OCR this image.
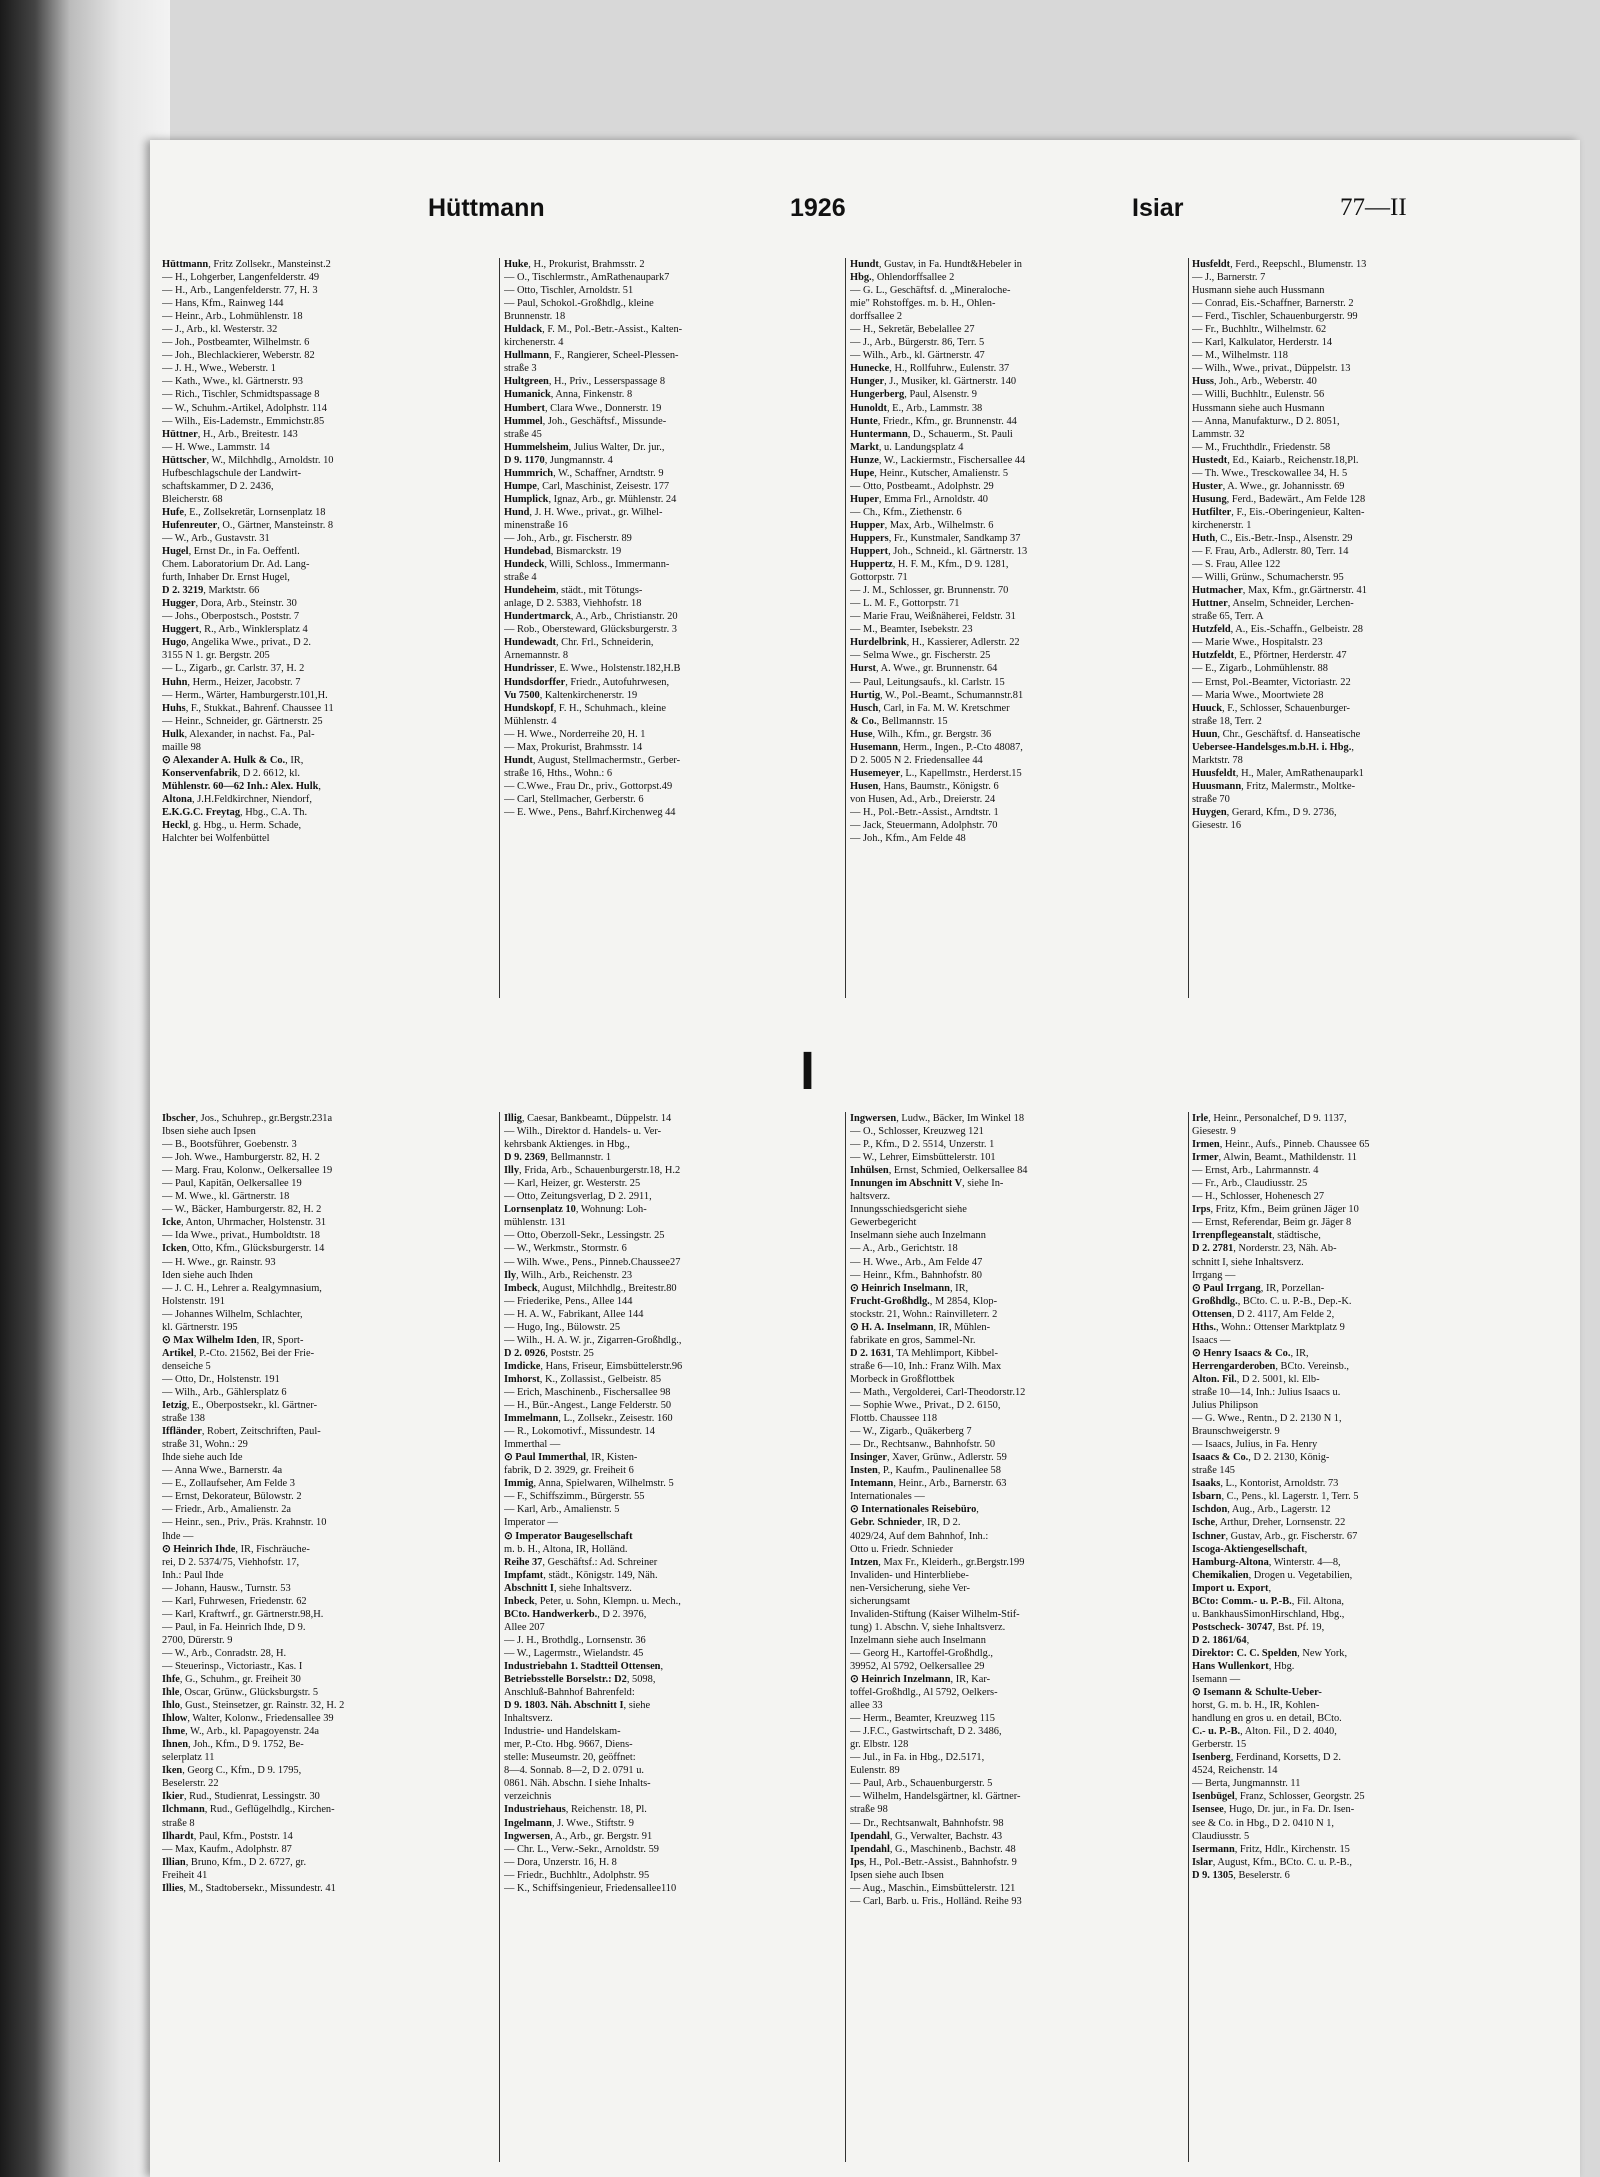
Hüttmann	1926	Isiar	77—II
Hüttmann, Fritz Zollsekr., Mansteinst.2
— H., Lohgerber, Langenfelderstr. 49
— H., Arb., Langenfelderstr. 77, H. 3
— Hans, Kfm., Rainweg 144
— Heinr., Arb., Lohmühlenstr. 18
— J., Arb., kl. Westerstr. 32
— Joh., Postbeamter, Wilhelmstr. 6
— Joh., Blechlackierer, Weberstr. 82
— J. H., Wwe., Weberstr. 1
— Kath., Wwe., kl. Gärtnerstr. 93
— Rich., Tischler, Schmidtspassage 8
— W., Schuhm.-Artikel, Adolphstr. 114
— Wilh., Eis-Lademstr., Emmichstr.85
Hüttner, H., Arb., Breitestr. 143
— H. Wwe., Lammstr. 14
Hüttscher, W., Milchhdlg., Arnoldstr. 10
Hufbeschlagschule der Landwirt-
schaftskammer, D 2. 2436,
Bleicherstr. 68
Hufe, E., Zollsekretär, Lornsenplatz 18
Hufenreuter, O., Gärtner, Mansteinstr. 8
— W., Arb., Gustavstr. 31
Hugel, Ernst Dr., in Fa. Oeffentl.
Chem. Laboratorium Dr. Ad. Lang-
furth, Inhaber Dr. Ernst Hugel,
D 2. 3219, Marktstr. 66
Hugger, Dora, Arb., Steinstr. 30
— Johs., Oberpostsch., Poststr. 7
Huggert, R., Arb., Winklersplatz 4
Hugo, Angelika Wwe., privat., D 2.
3155 N 1. gr. Bergstr. 205
— L., Zigarb., gr. Carlstr. 37, H. 2
Huhn, Herm., Heizer, Jacobstr. 7
— Herm., Wärter, Hamburgerstr.101,H.
Huhs, F., Stukkat., Bahrenf. Chaussee 11
— Heinr., Schneider, gr. Gärtnerstr. 25
Hulk, Alexander, in nachst. Fa., Pal-
maille 98
⊙ Alexander A. Hulk & Co., IR,
Konservenfabrik, D 2. 6612, kl.
Mühlenstr. 60—62 Inh.: Alex. Hulk,
Altona, J.H.Feldkirchner, Niendorf,
E.K.G.C. Freytag, Hbg., C.A. Th.
Heckl, g. Hbg., u. Herm. Schade,
Halchter bei Wolfenbüttel
Huke, H., Prokurist, Brahmsstr. 2
— O., Tischlermstr., AmRathenaupark7
— Otto, Tischler, Arnoldstr. 51
— Paul, Schokol.-Großhdlg., kleine
Brunnenstr. 18
Huldack, F. M., Pol.-Betr.-Assist., Kalten-
kirchenerstr. 4
Hullmann, F., Rangierer, Scheel-Plessen-
straße 3
Hultgreen, H., Priv., Lesserspassage 8
Humanick, Anna, Finkenstr. 8
Humbert, Clara Wwe., Donnerstr. 19
Hummel, Joh., Geschäftsf., Missunde-
straße 45
Hummelsheim, Julius Walter, Dr. jur.,
D 9. 1170, Jungmannstr. 4
Hummrich, W., Schaffner, Arndtstr. 9
Humpe, Carl, Maschinist, Zeisestr. 177
Humplick, Ignaz, Arb., gr. Mühlenstr. 24
Hund, J. H. Wwe., privat., gr. Wilhel-
minenstraße 16
— Joh., Arb., gr. Fischerstr. 89
Hundebad, Bismarckstr. 19
Hundeck, Willi, Schloss., Immermann-
straße 4
Hundeheim, städt., mit Tötungs-
anlage, D 2. 5383, Viehhofstr. 18
Hundertmarck, A., Arb., Christianstr. 20
— Rob., Obersteward, Glücksburgerstr. 3
Hundewadt, Chr. Frl., Schneiderin,
Arnemannstr. 8
Hundrisser, E. Wwe., Holstenstr.182,H.B
Hundsdorffer, Friedr., Autofuhrwesen,
Vu 7500, Kaltenkirchenerstr. 19
Hundskopf, F. H., Schuhmach., kleine
Mühlenstr. 4
— H. Wwe., Norderreihe 20, H. 1
— Max, Prokurist, Brahmsstr. 14
Hundt, August, Stellmachermstr., Gerber-
straße 16, Hths., Wohn.: 6
— C.Wwe., Frau Dr., priv., Gottorpst.49
— Carl, Stellmacher, Gerberstr. 6
— E. Wwe., Pens., Bahrf.Kirchenweg 44
Hundt, Gustav, in Fa. Hundt&Hebeler in
Hbg., Ohlendorffsallee 2
— G. L., Geschäftsf. d. „Mineraloche-
mie" Rohstoffges. m. b. H., Ohlen-
dorffsallee 2
— H., Sekretär, Bebelallee 27
— J., Arb., Bürgerstr. 86, Terr. 5
— Wilh., Arb., kl. Gärtnerstr. 47
Hunecke, H., Rollfuhrw., Eulenstr. 37
Hunger, J., Musiker, kl. Gärtnerstr. 140
Hungerberg, Paul, Alsenstr. 9
Hunoldt, E., Arb., Lammstr. 38
Hunte, Friedr., Kfm., gr. Brunnenstr. 44
Huntermann, D., Schauerm., St. Pauli
Markt, u. Landungsplatz 4
Hunze, W., Lackiermstr., Fischersallee 44
Hupe, Heinr., Kutscher, Amalienstr. 5
— Otto, Postbeamt., Adolphstr. 29
Huper, Emma Frl., Arnoldstr. 40
— Ch., Kfm., Ziethenstr. 6
Hupper, Max, Arb., Wilhelmstr. 6
Huppers, Fr., Kunstmaler, Sandkamp 37
Huppert, Joh., Schneid., kl. Gärtnerstr. 13
Huppertz, H. F. M., Kfm., D 9. 1281,
Gottorpstr. 71
— J. M., Schlosser, gr. Brunnenstr. 70
— L. M. F., Gottorpstr. 71
— Marie Frau, Weißnäherei, Feldstr. 31
— M., Beamter, Isebekstr. 23
Hurdelbrink, H., Kassierer, Adlerstr. 22
— Selma Wwe., gr. Fischerstr. 25
Hurst, A. Wwe., gr. Brunnenstr. 64
— Paul, Leitungsaufs., kl. Carlstr. 15
Hurtig, W., Pol.-Beamt., Schumannstr.81
Husch, Carl, in Fa. M. W. Kretschmer
& Co., Bellmannstr. 15
Huse, Wilh., Kfm., gr. Bergstr. 36
Husemann, Herm., Ingen., P.-Cto 48087,
D 2. 5005 N 2. Friedensallee 44
Husemeyer, L., Kapellmstr., Herderst.15
Husen, Hans, Baumstr., Königstr. 6
von Husen, Ad., Arb., Dreierstr. 24
— H., Pol.-Betr.-Assist., Arndtstr. 1
— Jack, Steuermann, Adolphstr. 70
— Joh., Kfm., Am Felde 48
Husfeldt, Ferd., Reepschl., Blumenstr. 13
— J., Barnerstr. 7
Husmann siehe auch Hussmann
— Conrad, Eis.-Schaffner, Barnerstr. 2
— Ferd., Tischler, Schauenburgerstr. 99
— Fr., Buchhltr., Wilhelmstr. 62
— Karl, Kalkulator, Herderstr. 14
— M., Wilhelmstr. 118
— Wilh., Wwe., privat., Düppelstr. 13
Huss, Joh., Arb., Weberstr. 40
— Willi, Buchhltr., Eulenstr. 56
Hussmann siehe auch Husmann
— Anna, Manufakturw., D 2. 8051,
Lammstr. 32
— M., Fruchthdlr., Friedenstr. 58
Hustedt, Ed., Kaiarb., Reichenstr.18,Pl.
— Th. Wwe., Tresckowallee 34, H. 5
Huster, A. Wwe., gr. Johannisstr. 69
Husung, Ferd., Badewärt., Am Felde 128
Hutfilter, F., Eis.-Oberingenieur, Kalten-
kirchenerstr. 1
Huth, C., Eis.-Betr.-Insp., Alsenstr. 29
— F. Frau, Arb., Adlerstr. 80, Terr. 14
— S. Frau, Allee 122
— Willi, Grünw., Schumacherstr. 95
Hutmacher, Max, Kfm., gr.Gärtnerstr. 41
Huttner, Anselm, Schneider, Lerchen-
straße 65, Terr. A
Hutzfeld, A., Eis.-Schaffn., Gelbeistr. 28
— Marie Wwe., Hospitalstr. 23
Hutzfeldt, E., Pförtner, Herderstr. 47
— E., Zigarb., Lohmühlenstr. 88
— Ernst, Pol.-Beamter, Victoriastr. 22
— Maria Wwe., Moortwiete 28
Huuck, F., Schlosser, Schauenburger-
straße 18, Terr. 2
Huun, Chr., Geschäftsf. d. Hanseatische
Uebersee-Handelsges.m.b.H. i. Hbg.,
Marktstr. 78
Huusfeldt, H., Maler, AmRathenaupark1
Huusmann, Fritz, Malermstr., Moltke-
straße 70
Huygen, Gerard, Kfm., D 9. 2736,
Giesestr. 16
I
Ibscher, Jos., Schuhrep., gr.Bergstr.231a
Ibsen siehe auch Ipsen
— B., Bootsführer, Goebenstr. 3
— Joh. Wwe., Hamburgerstr. 82, H. 2
— Marg. Frau, Kolonw., Oelkersallee 19
— Paul, Kapitän, Oelkersallee 19
— M. Wwe., kl. Gärtnerstr. 18
— W., Bäcker, Hamburgerstr. 82, H. 2
Icke, Anton, Uhrmacher, Holstenstr. 31
— Ida Wwe., privat., Humboldtstr. 18
Icken, Otto, Kfm., Glücksburgerstr. 14
— H. Wwe., gr. Rainstr. 93
Iden siehe auch Ihden
— J. C. H., Lehrer a. Realgymnasium,
Holstenstr. 191
— Johannes Wilhelm, Schlachter,
kl. Gärtnerstr. 195
⊙ Max Wilhelm Iden, IR, Sport-
Artikel, P.-Cto. 21562, Bei der Frie-
denseiche 5
— Otto, Dr., Holstenstr. 191
— Wilh., Arb., Gählersplatz 6
Ietzig, E., Oberpostsekr., kl. Gärtner-
straße 138
Iffländer, Robert, Zeitschriften, Paul-
straße 31, Wohn.: 29
Ihde siehe auch Ide
— Anna Wwe., Barnerstr. 4a
— E., Zollaufseher, Am Felde 3
— Ernst, Dekorateur, Bülowstr. 2
— Friedr., Arb., Amalienstr. 2a
— Heinr., sen., Priv., Präs. Krahnstr. 10
Ihde —
⊙ Heinrich Ihde, IR, Fischräuche-
rei, D 2. 5374/75, Viehhofstr. 17,
Inh.: Paul Ihde
— Johann, Hausw., Turnstr. 53
— Karl, Fuhrwesen, Friedenstr. 62
— Karl, Kraftwrf., gr. Gärtnerstr.98,H.
— Paul, in Fa. Heinrich Ihde, D 9.
2700, Dürerstr. 9
— W., Arb., Conradstr. 28, H.
— Steuerinsp., Victoriastr., Kas. I
Ihfe, G., Schuhm., gr. Freiheit 30
Ihle, Oscar, Grünw., Glücksburgstr. 5
Ihlo, Gust., Steinsetzer, gr. Rainstr. 32, H. 2
Ihlow, Walter, Kolonw., Friedensallee 39
Ihme, W., Arb., kl. Papagoyenstr. 24a
Ihnen, Joh., Kfm., D 9. 1752, Be-
selerplatz 11
Iken, Georg C., Kfm., D 9. 1795,
Beselerstr. 22
Ikier, Rud., Studienrat, Lessingstr. 30
Ilchmann, Rud., Geflügelhdlg., Kirchen-
straße 8
Ilhardt, Paul, Kfm., Poststr. 14
— Max, Kaufm., Adolphstr. 87
Illian, Bruno, Kfm., D 2. 6727, gr.
Freiheit 41
Illies, M., Stadtobersekr., Missundestr. 41
Illig, Caesar, Bankbeamt., Düppelstr. 14
— Wilh., Direktor d. Handels- u. Ver-
kehrsbank Aktienges. in Hbg.,
D 9. 2369, Bellmannstr. 1
Illy, Frida, Arb., Schauenburgerstr.18, H.2
— Karl, Heizer, gr. Westerstr. 25
— Otto, Zeitungsverlag, D 2. 2911,
Lornsenplatz 10, Wohnung: Loh-
mühlenstr. 131
— Otto, Oberzoll-Sekr., Lessingstr. 25
— W., Werkmstr., Stormstr. 6
— Wilh. Wwe., Pens., Pinneb.Chaussee27
Ily, Wilh., Arb., Reichenstr. 23
Imbeck, August, Milchhdlg., Breitestr.80
— Friederike, Pens., Allee 144
— H. A. W., Fabrikant, Allee 144
— Hugo, Ing., Bülowstr. 25
— Wilh., H. A. W. jr., Zigarren-Großhdlg.,
D 2. 0926, Poststr. 25
Imdicke, Hans, Friseur, Eimsbüttelerstr.96
Imhorst, K., Zollassist., Gelbeistr. 85
— Erich, Maschinenb., Fischersallee 98
— H., Bür.-Angest., Lange Felderstr. 50
Immelmann, L., Zollsekr., Zeisestr. 160
— R., Lokomotivf., Missundestr. 14
Immerthal —
⊙ Paul Immerthal, IR, Kisten-
fabrik, D 2. 3929, gr. Freiheit 6
Immig, Anna, Spielwaren, Wilhelmstr. 5
— F., Schiffszimm., Bürgerstr. 55
— Karl, Arb., Amalienstr. 5
Imperator —
⊙ Imperator Baugesellschaft
m. b. H., Altona, IR, Holländ.
Reihe 37, Geschäftsf.: Ad. Schreiner
Impfamt, städt., Königstr. 149, Näh.
Abschnitt I, siehe Inhaltsverz.
Inbeck, Peter, u. Sohn, Klempn. u. Mech.,
BCto. Handwerkerb., D 2. 3976,
Allee 207
— J. H., Brothdlg., Lornsenstr. 36
— W., Lagermstr., Wielandstr. 45
Industriebahn 1. Stadtteil Ottensen,
Betriebsstelle Borselstr.: D2, 5098,
Anschluß-Bahnhof Bahrenfeld:
D 9. 1803. Näh. Abschnitt I, siehe
Inhaltsverz.
Industrie- und Handelskam-
mer, P.-Cto. Hbg. 9667, Diens-
stelle: Museumstr. 20, geöffnet:
8—4. Sonnab. 8—2, D 2. 0791 u.
0861. Näh. Abschn. I siehe Inhalts-
verzeichnis
Industriehaus, Reichenstr. 18, Pl.
Ingelmann, J. Wwe., Stiftstr. 9
Ingwersen, A., Arb., gr. Bergstr. 91
— Chr. L., Verw.-Sekr., Arnoldstr. 59
— Dora, Unzerstr. 16, H. 8
— Friedr., Buchhltr., Adolphstr. 95
— K., Schiffsingenieur, Friedensallee110
Ingwersen, Ludw., Bäcker, Im Winkel 18
— O., Schlosser, Kreuzweg 121
— P., Kfm., D 2. 5514, Unzerstr. 1
— W., Lehrer, Eimsbüttelerstr. 101
Inhülsen, Ernst, Schmied, Oelkersallee 84
Innungen im Abschnitt V, siehe In-
haltsverz.
Innungsschiedsgericht siehe
Gewerbegericht
Inselmann siehe auch Inzelmann
— A., Arb., Gerichtstr. 18
— H. Wwe., Arb., Am Felde 47
— Heinr., Kfm., Bahnhofstr. 80
⊙ Heinrich Inselmann, IR,
Frucht-Großhdlg., M 2854, Klop-
stockstr. 21, Wohn.: Rainvilleterr. 2
⊙ H. A. Inselmann, IR, Mühlen-
fabrikate en gros, Sammel-Nr.
D 2. 1631, TA Mehlimport, Kibbel-
straße 6—10, Inh.: Franz Wilh. Max
Morbeck in Großflottbek
— Math., Vergolderei, Carl-Theodorstr.12
— Sophie Wwe., Privat., D 2. 6150,
Flottb. Chaussee 118
— W., Zigarb., Quäkerberg 7
— Dr., Rechtsanw., Bahnhofstr. 50
Insinger, Xaver, Grünw., Adlerstr. 59
Insten, P., Kaufm., Paulinenallee 58
Intemann, Heinr., Arb., Barnerstr. 63
Internationales —
⊙ Internationales Reisebüro,
Gebr. Schnieder, IR, D 2.
4029/24, Auf dem Bahnhof, Inh.:
Otto u. Friedr. Schnieder
Intzen, Max Fr., Kleiderh., gr.Bergstr.199
Invaliden- und Hinterbliebe-
nen-Versicherung, siehe Ver-
sicherungsamt
Invaliden-Stiftung (Kaiser Wilhelm-Stif-
tung) 1. Abschn. V, siehe Inhaltsverz.
Inzelmann siehe auch Inselmann
— Georg H., Kartoffel-Großhdlg.,
39952, Al 5792, Oelkersallee 29
⊙ Heinrich Inzelmann, IR, Kar-
toffel-Großhdlg., Al 5792, Oelkers-
allee 33
— Herm., Beamter, Kreuzweg 115
— J.F.C., Gastwirtschaft, D 2. 3486,
gr. Elbstr. 128
— Jul., in Fa. in Hbg., D2.5171,
Eulenstr. 89
— Paul, Arb., Schauenburgerstr. 5
— Wilhelm, Handelsgärtner, kl. Gärtner-
straße 98
— Dr., Rechtsanwalt, Bahnhofstr. 98
Ipendahl, G., Verwalter, Bachstr. 43
Ipendahl, G., Maschinenb., Bachstr. 48
Ips, H., Pol.-Betr.-Assist., Bahnhofstr. 9
Ipsen siehe auch Ibsen
— Aug., Maschin., Eimsbüttelerstr. 121
— Carl, Barb. u. Fris., Holländ. Reihe 93
Irle, Heinr., Personalchef, D 9. 1137,
Giesestr. 9
Irmen, Heinr., Aufs., Pinneb. Chaussee 65
Irmer, Alwin, Beamt., Mathildenstr. 11
— Ernst, Arb., Lahrmannstr. 4
— Fr., Arb., Claudiusstr. 25
— H., Schlosser, Hohenesch 27
Irps, Fritz, Kfm., Beim grünen Jäger 10
— Ernst, Referendar, Beim gr. Jäger 8
Irrenpflegeanstalt, städtische,
D 2. 2781, Norderstr. 23, Näh. Ab-
schnitt I, siehe Inhaltsverz.
Irrgang —
⊙ Paul Irrgang, IR, Porzellan-
Großhdlg., BCto. C. u. P.-B., Dep.-K.
Ottensen, D 2. 4117, Am Felde 2,
Hths., Wohn.: Ottenser Marktplatz 9
Isaacs —
⊙ Henry Isaacs & Co., IR,
Herrengarderoben, BCto. Vereinsb.,
Alton. Fil., D 2. 5001, kl. Elb-
straße 10—14, Inh.: Julius Isaacs u.
Julius Philipson
— G. Wwe., Rentn., D 2. 2130 N 1,
Braunschweigerstr. 9
— Isaacs, Julius, in Fa. Henry
Isaacs & Co., D 2. 2130, König-
straße 145
Isaaks, L., Kontorist, Arnoldstr. 73
Isbarn, C., Pens., kl. Lagerstr. 1, Terr. 5
Ischdon, Aug., Arb., Lagerstr. 12
Ische, Arthur, Dreher, Lornsenstr. 22
Ischner, Gustav, Arb., gr. Fischerstr. 67
Iscoga-Aktiengesellschaft,
Hamburg-Altona, Winterstr. 4—8,
Chemikalien, Drogen u. Vegetabilien,
Import u. Export,
BCto: Comm.- u. P.-B., Fil. Altona,
u. BankhausSimonHirschland, Hbg.,
Postscheck- 30747, Bst. Pf. 19,
D 2. 1861/64,
Direktor: C. C. Spelden, New York,
Hans Wullenkort, Hbg.
Isemann —
⊙ Isemann & Schulte-Ueber-
horst, G. m. b. H., IR, Kohlen-
handlung en gros u. en detail, BCto.
C.- u. P.-B., Alton. Fil., D 2. 4040,
Gerberstr. 15
Isenberg, Ferdinand, Korsetts, D 2.
4524, Reichenstr. 14
— Berta, Jungmannstr. 11
Isenbügel, Franz, Schlosser, Georgstr. 25
Isensee, Hugo, Dr. jur., in Fa. Dr. Isen-
see & Co. in Hbg., D 2. 0410 N 1,
Claudiusstr. 5
Isermann, Fritz, Hdlr., Kirchenstr. 15
Islar, August, Kfm., BCto. C. u. P.-B.,
D 9. 1305, Beselerstr. 6
